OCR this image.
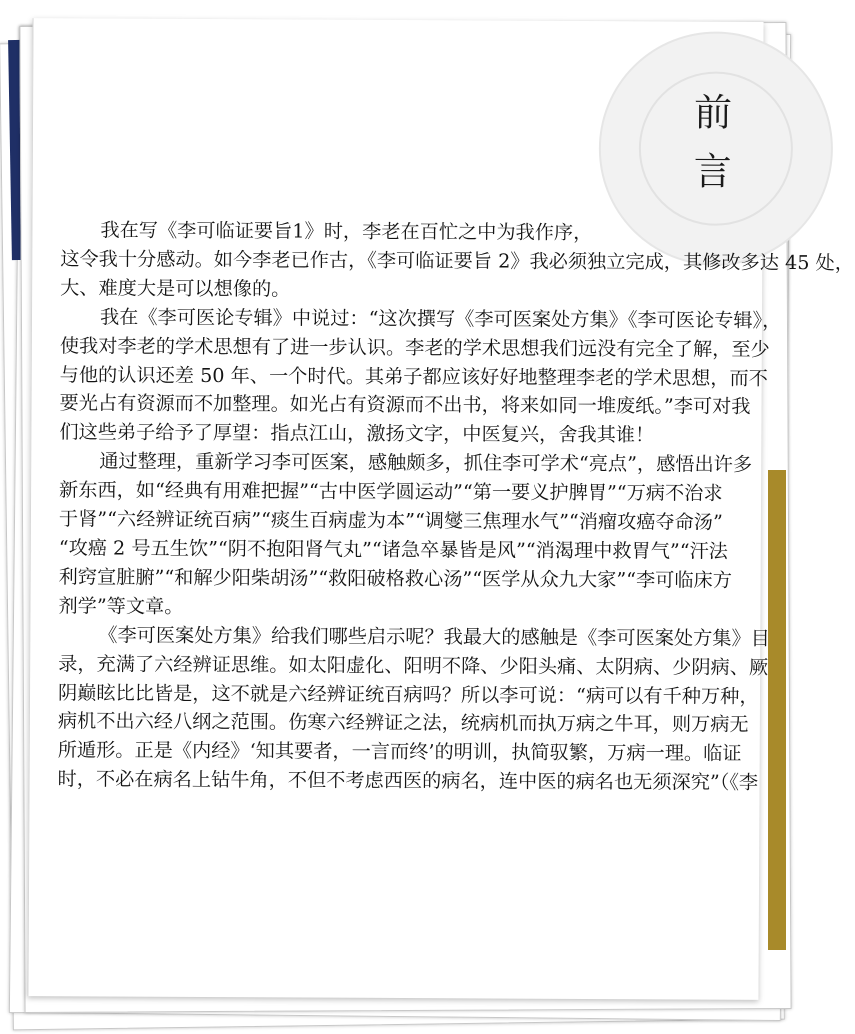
前
言
我在写《李可临证要旨1》时，李老在百忙之中为我作序，
这令我十分感动。如今李老已作古，《李可临证要旨 2》我必须独立完成，其修改多达 45 处，
大、难度大是可以想像的。
我在《李可医论专辑》中说过：“这次撰写《李可医案处方集》《李可医论专辑》，
使我对李老的学术思想有了进一步认识。李老的学术思想我们远没有完全了解，至少
与他的认识还差 50 年、一个时代。其弟子都应该好好地整理李老的学术思想，而不
要光占有资源而不加整理。如光占有资源而不出书，将来如同一堆废纸。”李可对我
们这些弟子给予了厚望：指点江山，激扬文字，中医复兴，舍我其谁！
通过整理，重新学习李可医案，感触颇多，抓住李可学术“亮点”，感悟出许多
新东西，如“经典有用难把握”“古中医学圆运动”“第一要义护脾胃”“万病不治求
于肾”“六经辨证统百病”“痰生百病虚为本”“调燮三焦理水气”“消瘤攻癌夺命汤”
“攻癌 2 号五生饮”“阴不抱阳肾气丸”“诸急卒暴皆是风”“消渴理中救胃气”“汗法
利窍宣脏腑”“和解少阳柴胡汤”“救阳破格救心汤”“医学从众九大家”“李可临床方
剂学”等文章。
《李可医案处方集》给我们哪些启示呢？我最大的感触是《李可医案处方集》目
录，充满了六经辨证思维。如太阳虚化、阳明不降、少阳头痛、太阴病、少阴病、厥
阴巅眩比比皆是，这不就是六经辨证统百病吗？所以李可说：“病可以有千种万种，
病机不出六经八纲之范围。伤寒六经辨证之法，统病机而执万病之牛耳，则万病无
所遁形。正是《内经》‘知其要者，一言而终’的明训，执简驭繁，万病一理。临证
时，不必在病名上钻牛角，不但不考虑西医的病名，连中医的病名也无须深究”（《李
